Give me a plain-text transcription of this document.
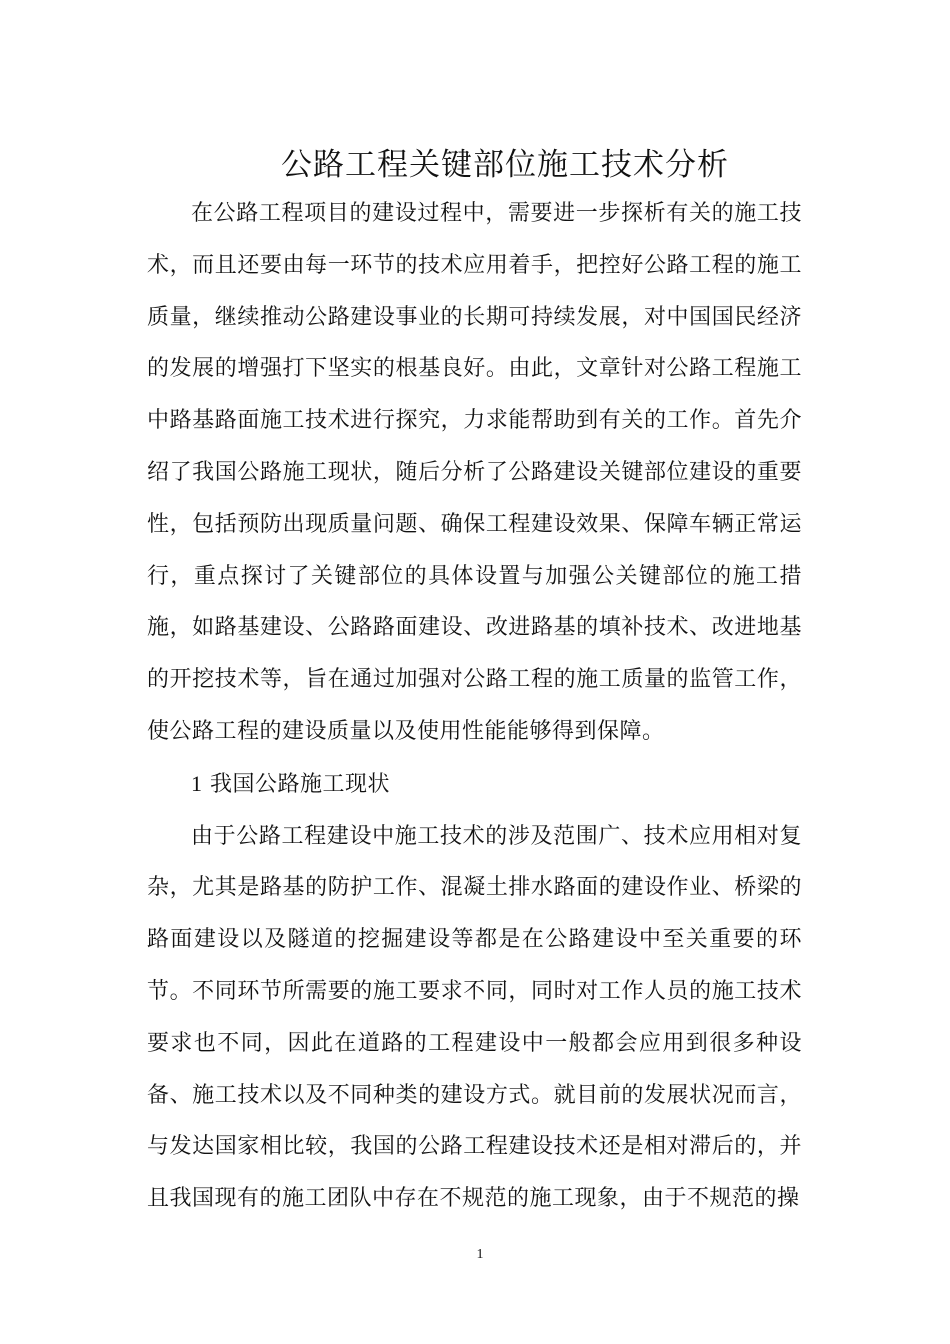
公路工程关键部位施工技术分析

在公路工程项目的建设过程中，需要进一步探析有关的施工技术，而且还要由每一环节的技术应用着手，把控好公路工程的施工质量，继续推动公路建设事业的长期可持续发展，对中国国民经济的发展的增强打下坚实的根基良好。由此，文章针对公路工程施工中路基路面施工技术进行探究，力求能帮助到有关的工作。首先介绍了我国公路施工现状，随后分析了公路建设关键部位建设的重要性，包括预防出现质量问题、确保工程建设效果、保障车辆正常运行，重点探讨了关键部位的具体设置与加强公关键部位的施工措施，如路基建设、公路路面建设、改进路基的填补技术、改进地基的开挖技术等，旨在通过加强对公路工程的施工质量的监管工作，使公路工程的建设质量以及使用性能能够得到保障。

1 我国公路施工现状

由于公路工程建设中施工技术的涉及范围广、技术应用相对复杂，尤其是路基的防护工作、混凝土排水路面的建设作业、桥梁的路面建设以及隧道的挖掘建设等都是在公路建设中至关重要的环节。不同环节所需要的施工要求不同，同时对工作人员的施工技术要求也不同，因此在道路的工程建设中一般都会应用到很多种设备、施工技术以及不同种类的建设方式。就目前的发展状况而言，与发达国家相比较，我国的公路工程建设技术还是相对滞后的，并且我国现有的施工团队中存在不规范的施工现象，由于不规范的操

1
